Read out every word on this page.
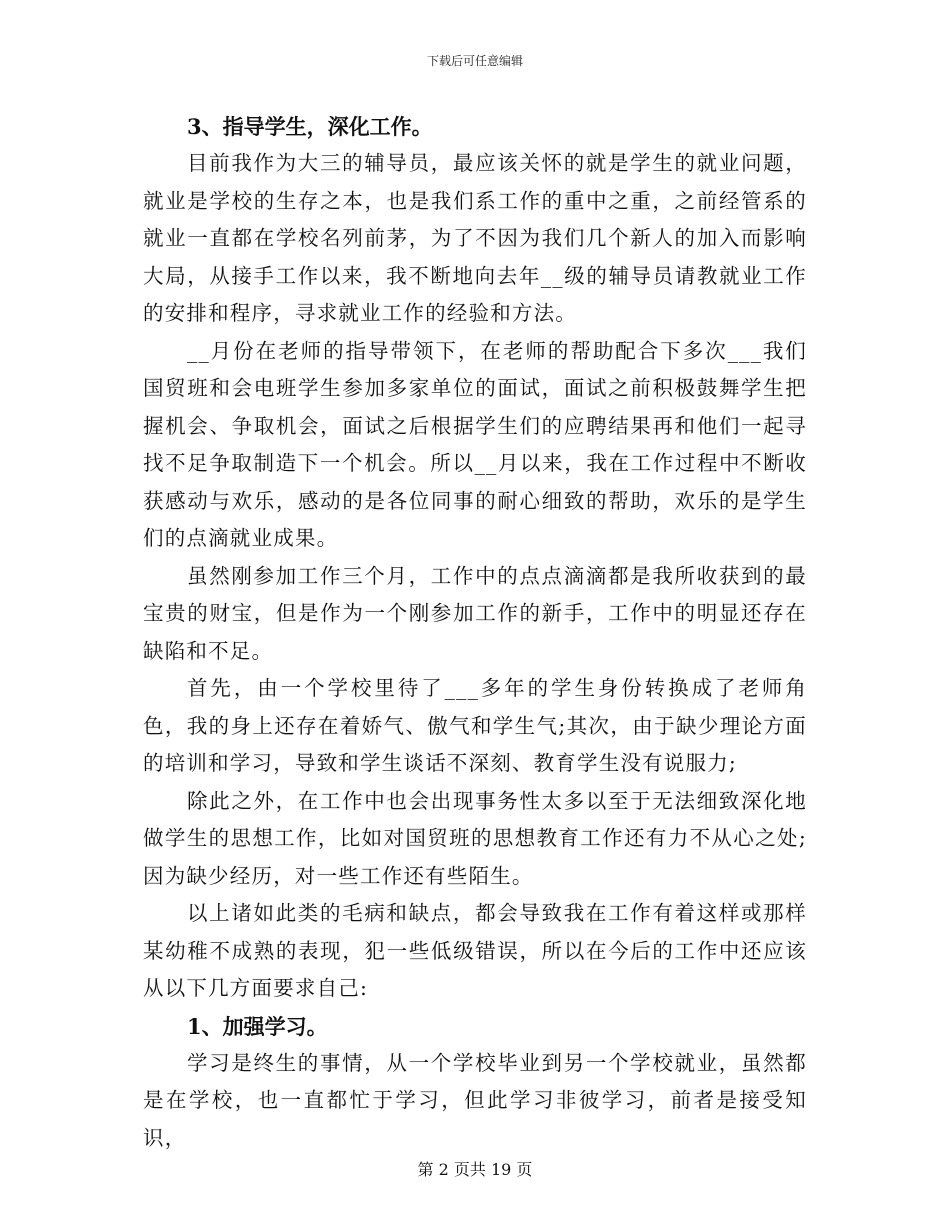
下载后可任意编辑
3、指导学生，深化工作。
目前我作为大三的辅导员，最应该关怀的就是学生的就业问题，就业是学校的生存之本，也是我们系工作的重中之重，之前经管系的就业一直都在学校名列前茅，为了不因为我们几个新人的加入而影响大局，从接手工作以来，我不断地向去年__级的辅导员请教就业工作的安排和程序，寻求就业工作的经验和方法。
__月份在老师的指导带领下，在老师的帮助配合下多次___我们国贸班和会电班学生参加多家单位的面试，面试之前积极鼓舞学生把握机会、争取机会，面试之后根据学生们的应聘结果再和他们一起寻找不足争取制造下一个机会。所以__月以来，我在工作过程中不断收获感动与欢乐，感动的是各位同事的耐心细致的帮助，欢乐的是学生们的点滴就业成果。
虽然刚参加工作三个月，工作中的点点滴滴都是我所收获到的最宝贵的财宝，但是作为一个刚参加工作的新手，工作中的明显还存在缺陷和不足。
首先，由一个学校里待了___多年的学生身份转换成了老师角色，我的身上还存在着娇气、傲气和学生气;其次，由于缺少理论方面的培训和学习，导致和学生谈话不深刻、教育学生没有说服力;
除此之外，在工作中也会出现事务性太多以至于无法细致深化地做学生的思想工作，比如对国贸班的思想教育工作还有力不从心之处;因为缺少经历，对一些工作还有些陌生。
以上诸如此类的毛病和缺点，都会导致我在工作有着这样或那样某幼稚不成熟的表现，犯一些低级错误，所以在今后的工作中还应该从以下几方面要求自己:
1、加强学习。
学习是终生的事情，从一个学校毕业到另一个学校就业，虽然都是在学校，也一直都忙于学习，但此学习非彼学习，前者是接受知识，
第 2 页共 19 页
